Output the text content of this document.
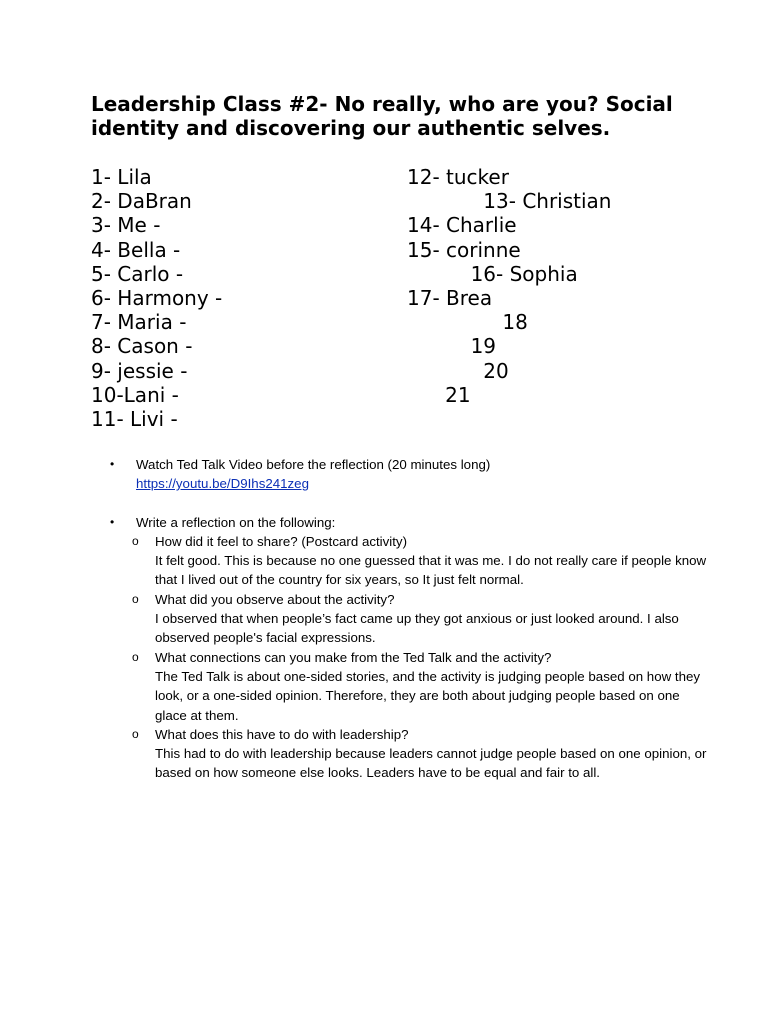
Leadership Class #2- No really, who are you? Social identity and discovering our authentic selves.
1- Lila
2- DaBran
3- Me -
4- Bella -
5- Carlo -
6- Harmony -
7- Maria -
8- Cason -
9- jessie -
10-Lani -
11- Livi -
12- tucker
13- Christian
14- Charlie
15- corinne
16- Sophia
17- Brea
18
19
20
21
•	Watch Ted Talk Video before the reflection (20 minutes long)
https://youtu.be/D9Ihs241zeg
•	Write a reflection on the following:
o How did it feel to share? (Postcard activity)
It felt good. This is because no one guessed that it was me. I do not really care if people know that I lived out of the country for six years, so It just felt normal.
o What did you observe about the activity?
I observed that when people’s fact came up they got anxious or just looked around. I also observed people's facial expressions.
o What connections can you make from the Ted Talk and the activity?
The Ted Talk is about one-sided stories, and the activity is judging people based on how they look, or a one-sided opinion. Therefore, they are both about judging people based on one glace at them.
o What does this have to do with leadership?
This had to do with leadership because leaders cannot judge people based on one opinion, or based on how someone else looks. Leaders have to be equal and fair to all.
